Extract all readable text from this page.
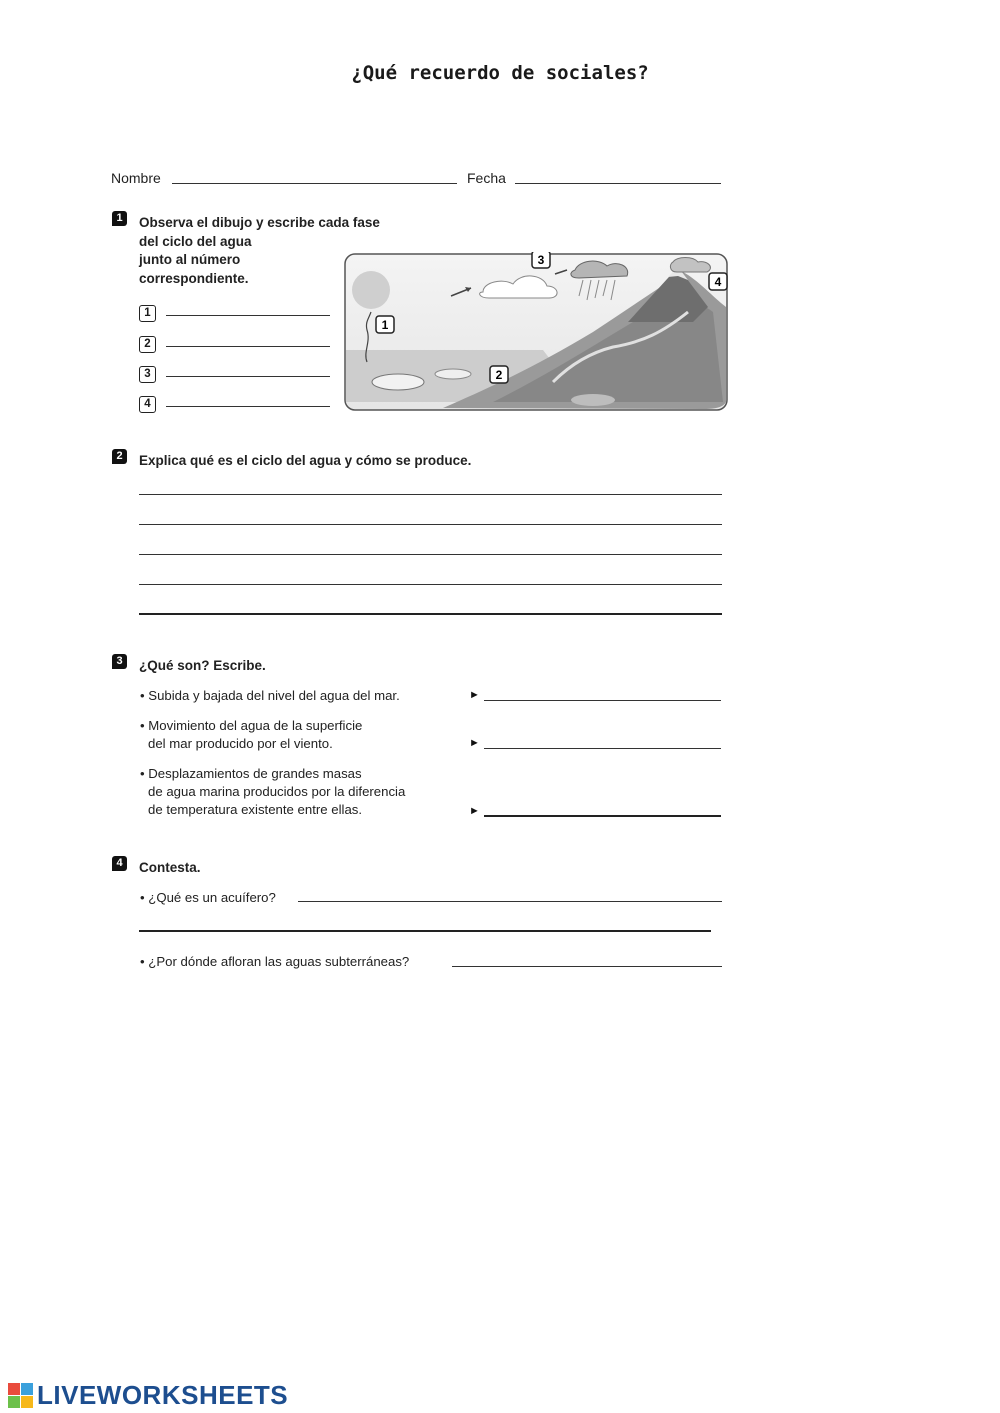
¿Qué recuerdo de sociales?
Nombre	Fecha
1	Observa el dibujo y escribe cada fase
del ciclo del agua
junto al número
correspondiente.
1
2
3
4
1
2
3
4
2	Explica qué es el ciclo del agua y cómo se produce.
3	¿Qué son? Escribe.
• Subida y bajada del nivel del agua del mar.	►
• Movimiento del agua de la superficie
del mar producido por el viento.	►
• Desplazamientos de grandes masas
de agua marina producidos por la diferencia
de temperatura existente entre ellas.	►
4	Contesta.
• ¿Qué es un acuífero?
• ¿Por dónde afloran las aguas subterráneas?
LIVEWORKSHEETS
